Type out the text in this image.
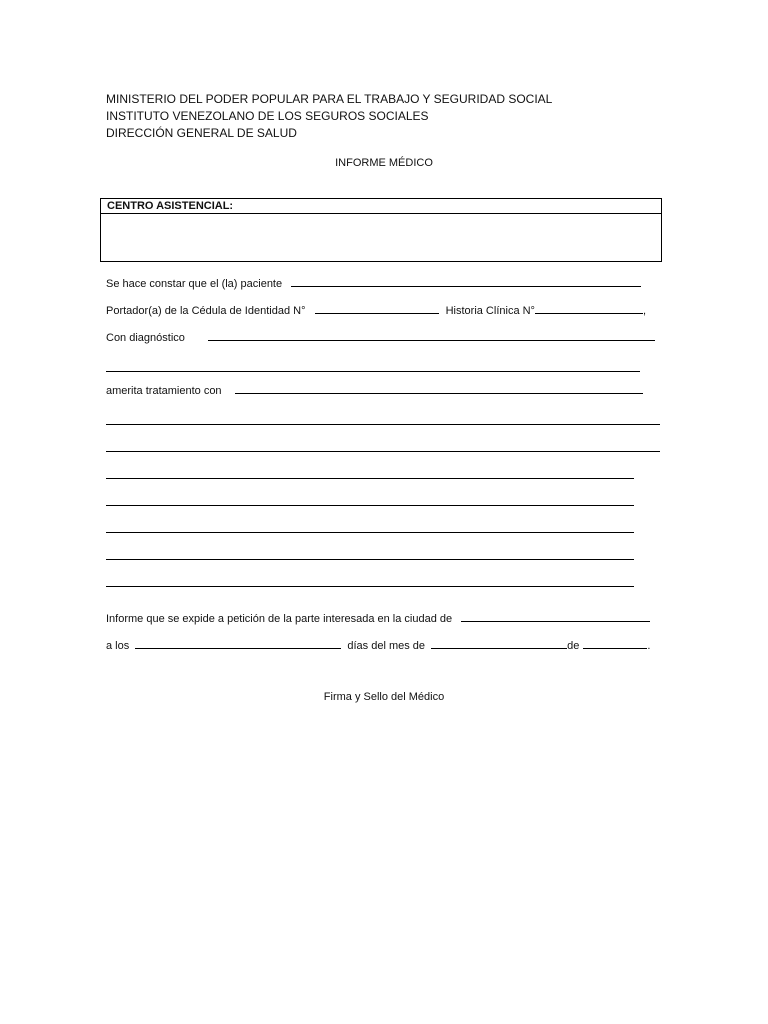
MINISTERIO DEL PODER POPULAR PARA EL TRABAJO Y SEGURIDAD SOCIAL
INSTITUTO VENEZOLANO DE LOS SEGUROS SOCIALES
DIRECCIÓN GENERAL DE SALUD
INFORME MÉDICO
CENTRO ASISTENCIAL:
Se hace constar que el (la) paciente
Portador(a) de la Cédula de Identidad N°	Historia Clínica N°	,
Con diagnóstico
amerita tratamiento con
Informe que se expide a petición de la parte interesada en la ciudad de
a los	días del mes de	de	.
Firma y Sello del Médico
